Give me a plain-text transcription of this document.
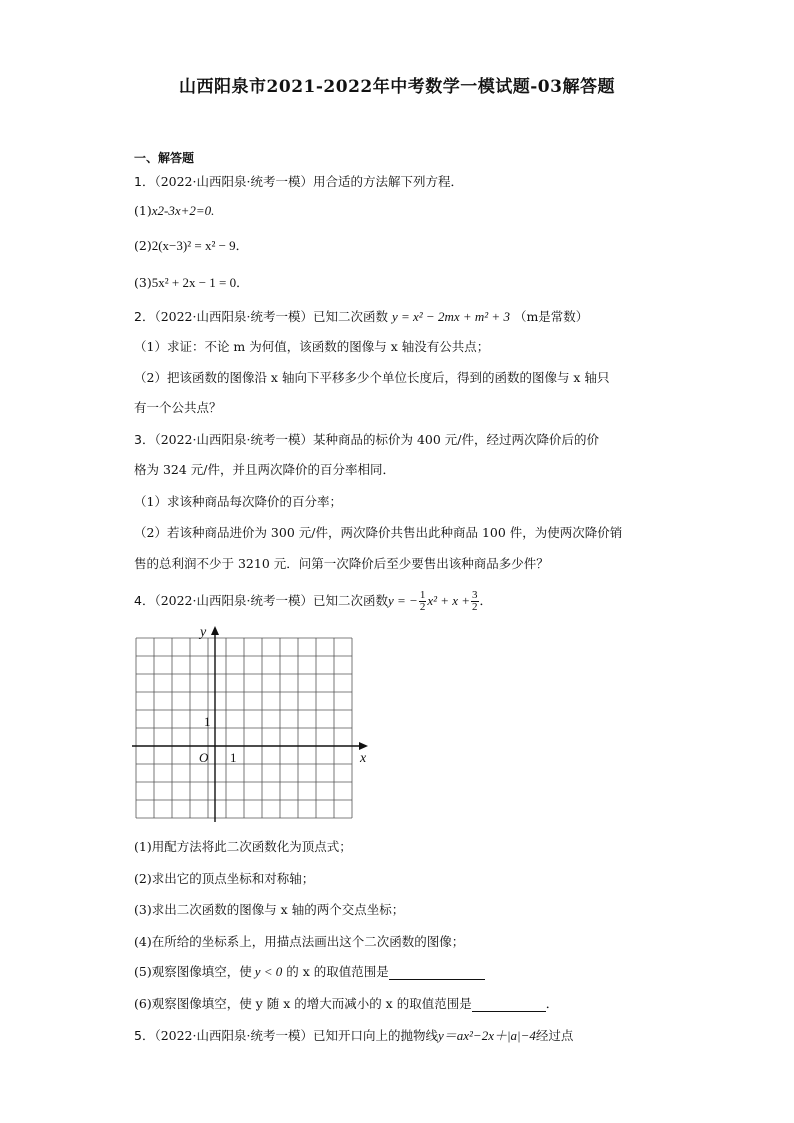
山西阳泉市2021-2022年中考数学一模试题-03解答题
一、解答题
1．（2022·山西阳泉·统考一模）用合适的方法解下列方程．
(1)x2-3x+2=0.
(2)2(x−3)² = x² − 9．
(3)5x² + 2x − 1 = 0．
2．（2022·山西阳泉·统考一模）已知二次函数 y = x² − 2mx + m² + 3 （m是常数）
（1）求证：不论 m 为何值，该函数的图像与 x 轴没有公共点；
（2）把该函数的图像沿 x 轴向下平移多少个单位长度后，得到的函数的图像与 x 轴只
有一个公共点？
3．（2022·山西阳泉·统考一模）某种商品的标价为 400 元/件，经过两次降价后的价
格为 324 元/件，并且两次降价的百分率相同．
（1）求该种商品每次降价的百分率；
（2）若该种商品进价为 300 元/件，两次降价共售出此种商品 100 件，为使两次降价销
售的总利润不少于 3210 元．问第一次降价后至少要售出该种商品多少件？
4．（2022·山西阳泉·统考一模）已知二次函数y = − $\frac{1}{2} x^2 + x + \frac{3}{2}$ ．
y
x
O 1
1
(1)用配方法将此二次函数化为顶点式；
(2)求出它的顶点坐标和对称轴；
(3)求出二次函数的图像与 x 轴的两个交点坐标；
(4)在所给的坐标系上，用描点法画出这个二次函数的图像；
(5)观察图像填空，使 y < 0 的 x 的取值范围是
(6)观察图像填空，使 y 随 x 的增大而减小的 x 的取值范围是	．
5．（2022·山西阳泉·统考一模）已知开口向上的抛物线y＝ax²−2x＋|a|−4经过点
